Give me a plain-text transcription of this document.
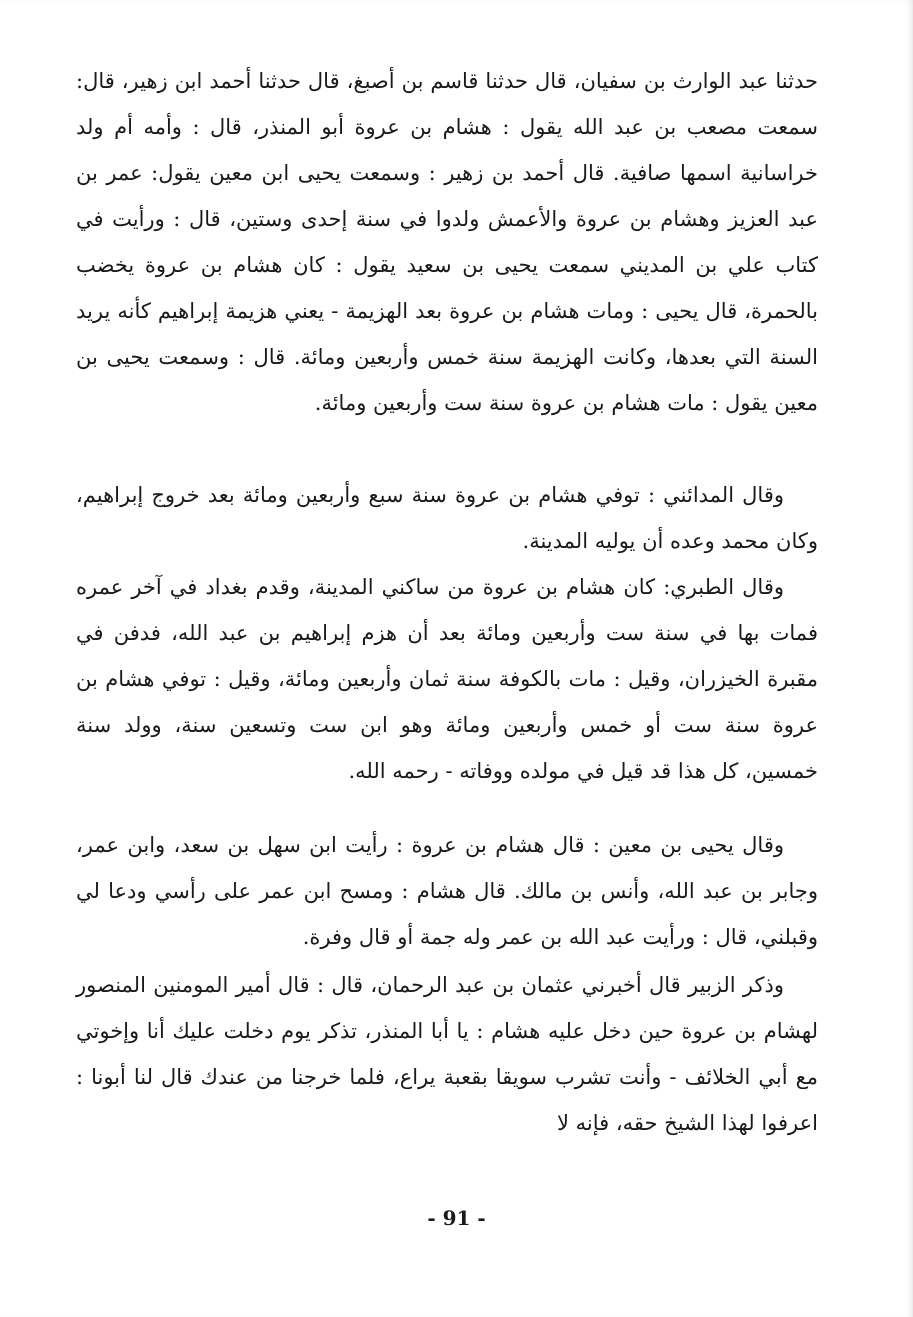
حدثنا عبد الوارث بن سفيان، قال حدثنا قاسم بن أصبغ، قال حدثنا أحمد ابن زهير، قال: سمعت مصعب بن عبد الله يقول : هشام بن عروة أبو المنذر، قال : وأمه أم ولد خراسانية اسمها صافية. قال أحمد بن زهير : وسمعت يحيى ابن معين يقول: عمر بن عبد العزيز وهشام بن عروة والأعمش ولدوا في سنة إحدى وستين، قال : ورأيت في كتاب علي بن المديني سمعت يحيى بن سعيد يقول : كان هشام بن عروة يخضب بالحمرة، قال يحيى : ومات هشام بن عروة بعد الهزيمة - يعني هزيمة إبراهيم كأنه يريد السنة التي بعدها، وكانت الهزيمة سنة خمس وأربعين ومائة. قال : وسمعت يحيى بن معين يقول : مات هشام بن عروة سنة ست وأربعين ومائة.

وقال المدائني : توفي هشام بن عروة سنة سبع وأربعين ومائة بعد خروج إبراهيم، وكان محمد وعده أن يوليه المدينة.

وقال الطبري: كان هشام بن عروة من ساكني المدينة، وقدم بغداد في آخر عمره فمات بها في سنة ست وأربعين ومائة بعد أن هزم إبراهيم بن عبد الله، فدفن في مقبرة الخيزران، وقيل : مات بالكوفة سنة ثمان وأربعين ومائة، وقيل : توفي هشام بن عروة سنة ست أو خمس وأربعين ومائة وهو ابن ست وتسعين سنة، وولد سنة خمسين، كل هذا قد قيل في مولده ووفاته - رحمه الله.

وقال يحيى بن معين : قال هشام بن عروة : رأيت ابن سهل بن سعد، وابن عمر، وجابر بن عبد الله، وأنس بن مالك. قال هشام : ومسح ابن عمر على رأسي ودعا لي وقبلني، قال : ورأيت عبد الله بن عمر وله جمة أو قال وفرة.

وذكر الزبير قال أخبرني عثمان بن عبد الرحمان، قال : قال أمير المومنين المنصور لهشام بن عروة حين دخل عليه هشام : يا أبا المنذر، تذكر يوم دخلت عليك أنا وإخوتي مع أبي الخلائف - وأنت تشرب سويقا بقعبة يراع، فلما خرجنا من عندك قال لنا أبونا : اعرفوا لهذا الشيخ حقه، فإنه لا

- 91 -
